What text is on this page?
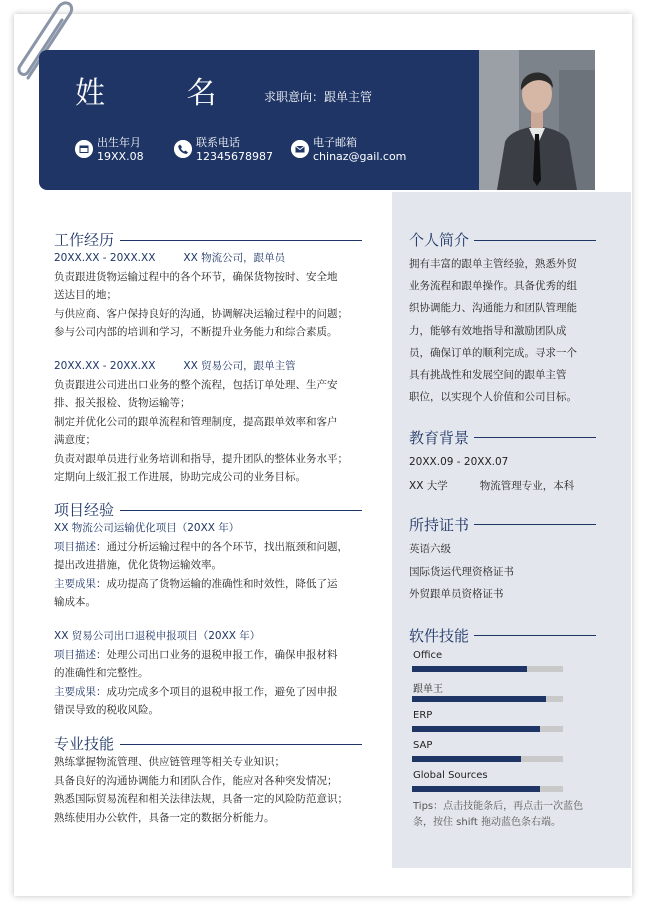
姓 名 求职意向：跟单主管
出生年月
19XX.08
联系电话
12345678987
电子邮箱
chinaz@gail.com
工作经历
20XX.XX - 20XX.XX	XX 物流公司，跟单员
负责跟进货物运输过程中的各个环节，确保货物按时、安全地
送达目的地；
与供应商、客户保持良好的沟通，协调解决运输过程中的问题；
参与公司内部的培训和学习，不断提升业务能力和综合素质。
20XX.XX - 20XX.XX	XX 贸易公司，跟单主管
负责跟进公司进出口业务的整个流程，包括订单处理、生产安
排、报关报检、货物运输等；
制定并优化公司的跟单流程和管理制度，提高跟单效率和客户
满意度；
负责对跟单员进行业务培训和指导，提升团队的整体业务水平；
定期向上级汇报工作进展，协助完成公司的业务目标。
项目经验
XX 物流公司运输优化项目（20XX 年）
项目描述：通过分析运输过程中的各个环节，找出瓶颈和问题，
提出改进措施，优化货物运输效率。
主要成果：成功提高了货物运输的准确性和时效性，降低了运
输成本。
XX 贸易公司出口退税申报项目（20XX 年）
项目描述：处理公司出口业务的退税申报工作，确保申报材料
的准确性和完整性。
主要成果：成功完成多个项目的退税申报工作，避免了因申报
错误导致的税收风险。
专业技能
熟练掌握物流管理、供应链管理等相关专业知识；
具备良好的沟通协调能力和团队合作，能应对各种突发情况；
熟悉国际贸易流程和相关法律法规，具备一定的风险防范意识；
熟练使用办公软件，具备一定的数据分析能力。
个人简介
拥有丰富的跟单主管经验，熟悉外贸
业务流程和跟单操作。具备优秀的组
织协调能力、沟通能力和团队管理能
力，能够有效地指导和激励团队成
员，确保订单的顺利完成。寻求一个
具有挑战性和发展空间的跟单主管
职位，以实现个人价值和公司目标。
教育背景
20XX.09 - 20XX.07
XX 大学	物流管理专业，本科
所持证书
英语六级
国际货运代理资格证书
外贸跟单员资格证书
软件技能
Office
跟单王
ERP
SAP
Global Sources
Tips：点击技能条后，再点击一次蓝色
条，按住 shift 拖动蓝色条右端。
